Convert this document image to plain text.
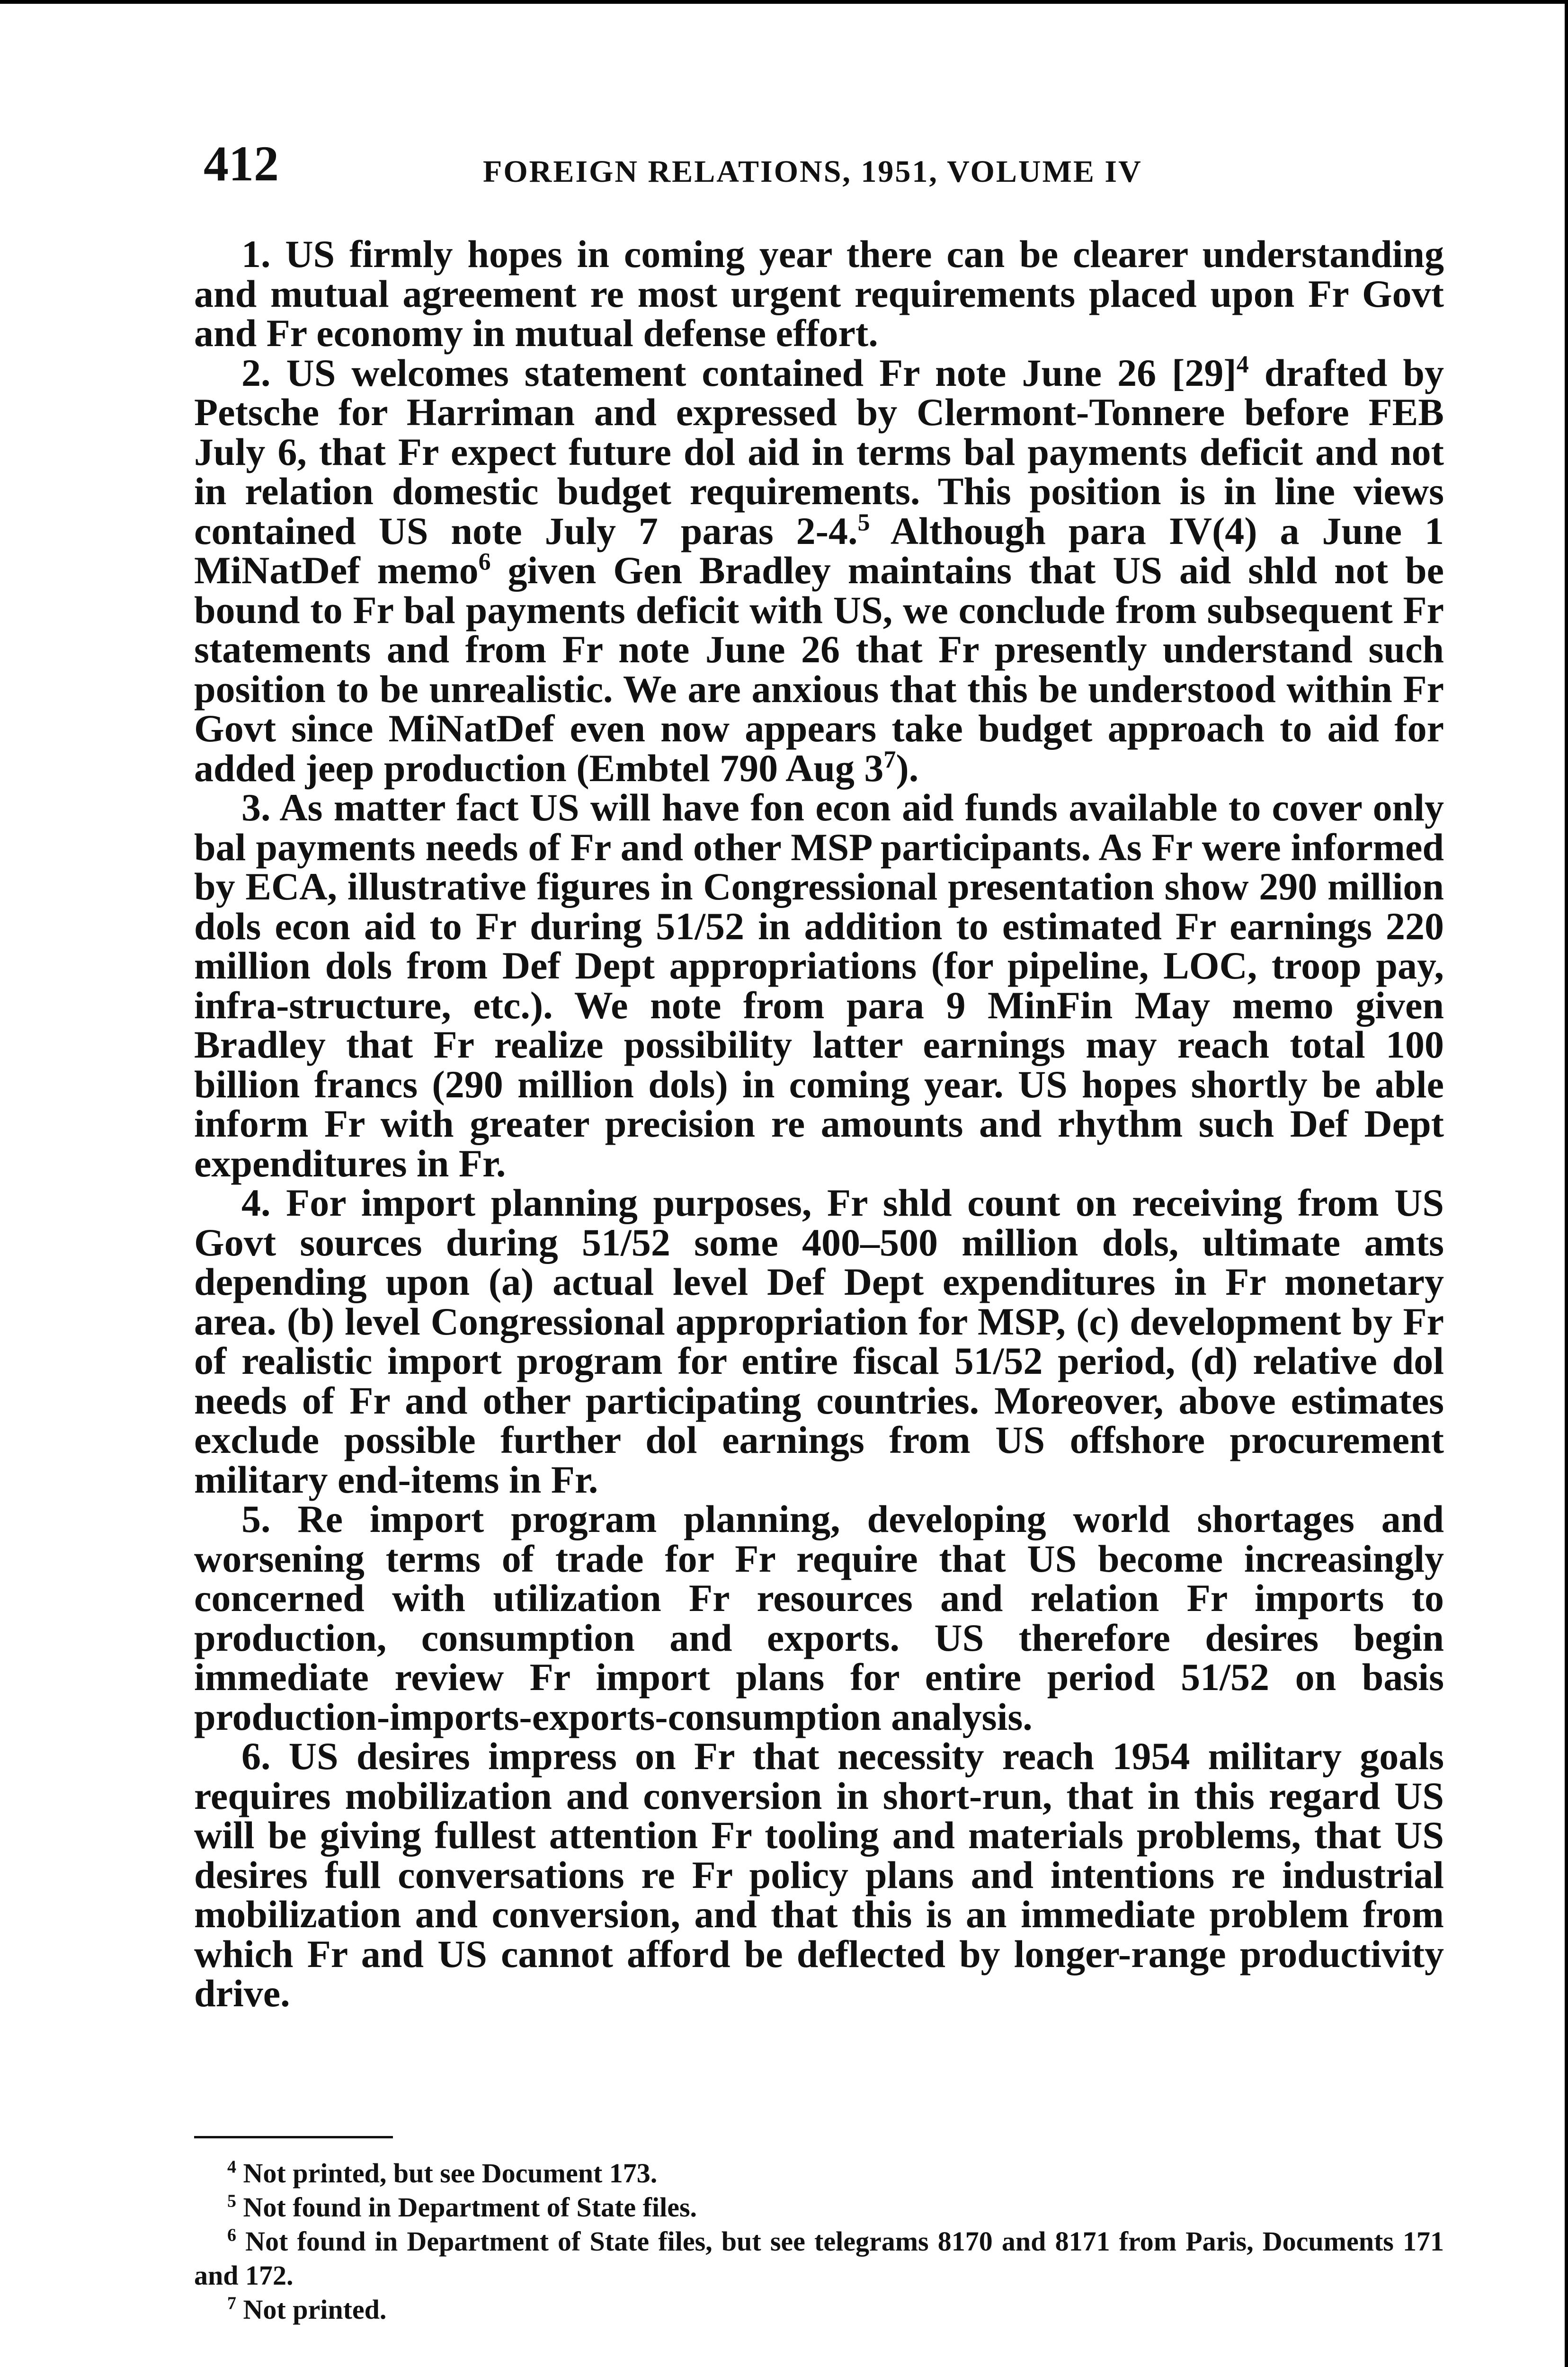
412	FOREIGN RELATIONS, 1951, VOLUME IV

1. US firmly hopes in coming year there can be clearer understanding and mutual agreement re most urgent requirements placed upon Fr Govt and Fr economy in mutual defense effort.

2. US welcomes statement contained Fr note June 26 [29]$^4$ drafted by Petsche for Harriman and expressed by Clermont-Tonnere before FEB July 6, that Fr expect future dol aid in terms bal payments deficit and not in relation domestic budget requirements. This position is in line views contained US note July 7 paras 2-4.$^5$ Although para IV(4) a June 1 MiNatDef memo$^6$ given Gen Bradley maintains that US aid shld not be bound to Fr bal payments deficit with US, we conclude from subsequent Fr statements and from Fr note June 26 that Fr presently understand such position to be unrealistic. We are anxious that this be understood within Fr Govt since MiNatDef even now appears take budget approach to aid for added jeep production (Embtel 790 Aug 3$^7$).

3. As matter fact US will have fon econ aid funds available to cover only bal payments needs of Fr and other MSP participants. As Fr were informed by ECA, illustrative figures in Congressional presentation show 290 million dols econ aid to Fr during 51/52 in addition to estimated Fr earnings 220 million dols from Def Dept appropriations (for pipeline, LOC, troop pay, infra-structure, etc.). We note from para 9 MinFin May memo given Bradley that Fr realize possibility latter earnings may reach total 100 billion francs (290 million dols) in coming year. US hopes shortly be able inform Fr with greater precision re amounts and rhythm such Def Dept expenditures in Fr.

4. For import planning purposes, Fr shld count on receiving from US Govt sources during 51/52 some 400–500 million dols, ultimate amts depending upon (a) actual level Def Dept expenditures in Fr monetary area. (b) level Congressional appropriation for MSP, (c) development by Fr of realistic import program for entire fiscal 51/52 period, (d) relative dol needs of Fr and other participating countries. Moreover, above estimates exclude possible further dol earnings from US offshore procurement military end-items in Fr.

5. Re import program planning, developing world shortages and worsening terms of trade for Fr require that US become increasingly concerned with utilization Fr resources and relation Fr imports to production, consumption and exports. US therefore desires begin immediate review Fr import plans for entire period 51/52 on basis production-imports-exports-consumption analysis.

6. US desires impress on Fr that necessity reach 1954 military goals requires mobilization and conversion in short-run, that in this regard US will be giving fullest attention Fr tooling and materials problems, that US desires full conversations re Fr policy plans and intentions re industrial mobilization and conversion, and that this is an immediate problem from which Fr and US cannot afford be deflected by longer-range productivity drive.

$^4$ Not printed, but see Document 173.

$^5$ Not found in Department of State files.

$^6$ Not found in Department of State files, but see telegrams 8170 and 8171 from Paris, Documents 171 and 172.

$^7$ Not printed.
